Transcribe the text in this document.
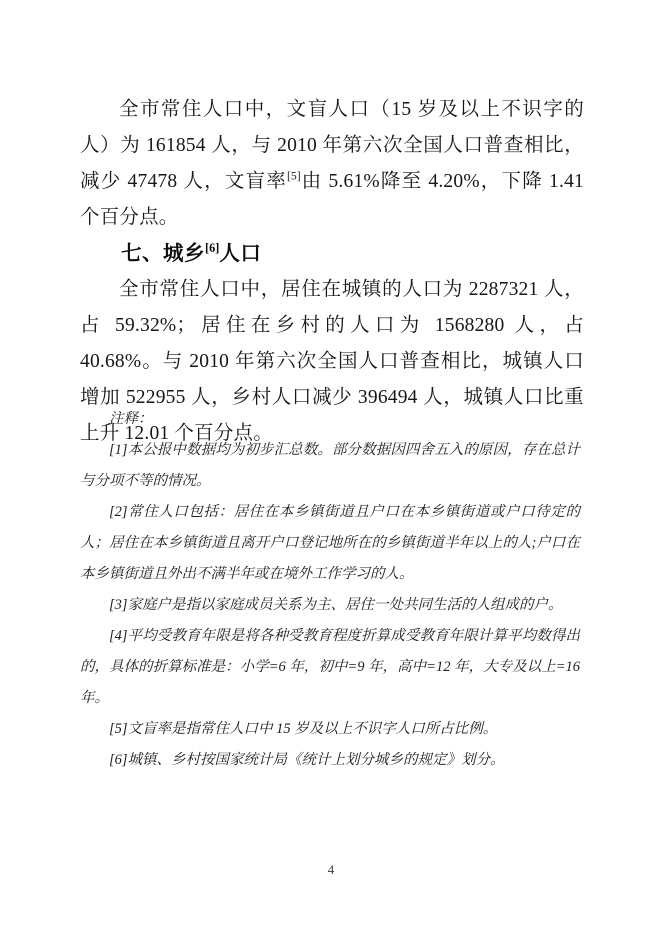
全市常住人口中，文盲人口（15 岁及以上不识字的人）为 161854 人，与 2010 年第六次全国人口普查相比，减少 47478 人，文盲率[5]由 5.61%降至 4.20%，下降 1.41 个百分点。

七、城乡[6]人口

全市常住人口中，居住在城镇的人口为 2287321 人，占 59.32%；居住在乡村的人口为 1568280 人，占 40.68%。与 2010 年第六次全国人口普查相比，城镇人口增加 522955 人，乡村人口减少 396494 人，城镇人口比重上升 12.01 个百分点。

注释：

[1]本公报中数据均为初步汇总数。部分数据因四舍五入的原因，存在总计与分项不等的情况。

[2]常住人口包括：居住在本乡镇街道且户口在本乡镇街道或户口待定的人；居住在本乡镇街道且离开户口登记地所在的乡镇街道半年以上的人;户口在本乡镇街道且外出不满半年或在境外工作学习的人。

[3]家庭户是指以家庭成员关系为主、居住一处共同生活的人组成的户。

[4]平均受教育年限是将各种受教育程度折算成受教育年限计算平均数得出的，具体的折算标准是：小学=6 年，初中=9 年，高中=12 年，大专及以上=16 年。

[5]文盲率是指常住人口中 15 岁及以上不识字人口所占比例。

[6]城镇、乡村按国家统计局《统计上划分城乡的规定》划分。

4
